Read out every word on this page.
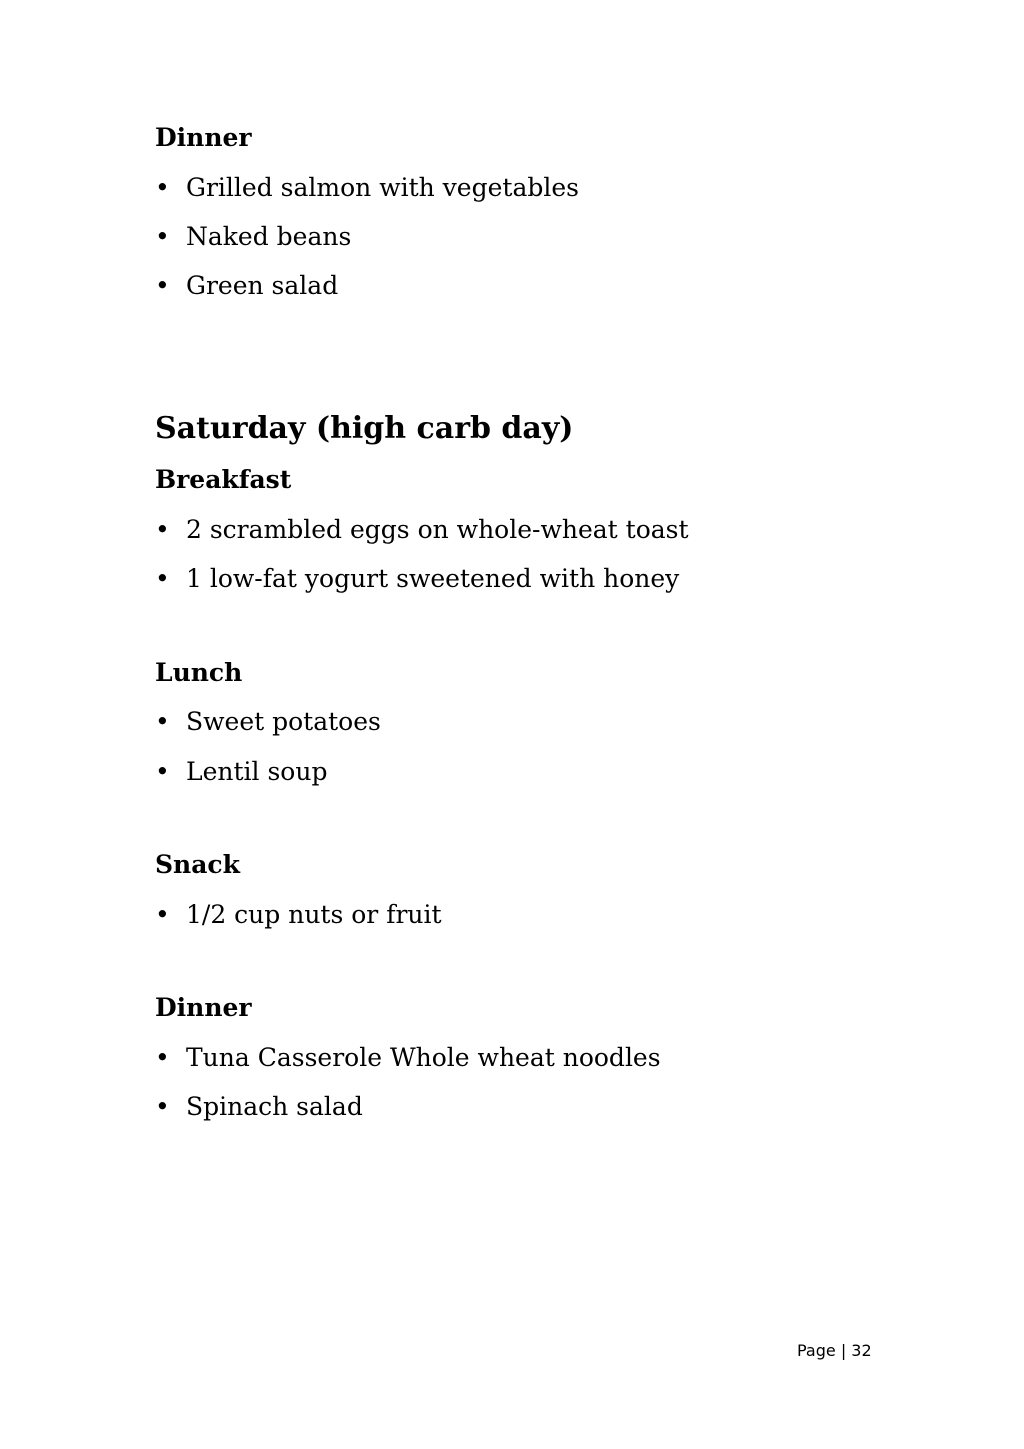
Dinner
• Grilled salmon with vegetables
• Naked beans
• Green salad
Saturday (high carb day)
Breakfast
• 2 scrambled eggs on whole-wheat toast
• 1 low-fat yogurt sweetened with honey
Lunch
• Sweet potatoes
• Lentil soup
Snack
• 1/2 cup nuts or fruit
Dinner
• Tuna Casserole Whole wheat noodles
• Spinach salad
Page | 32
